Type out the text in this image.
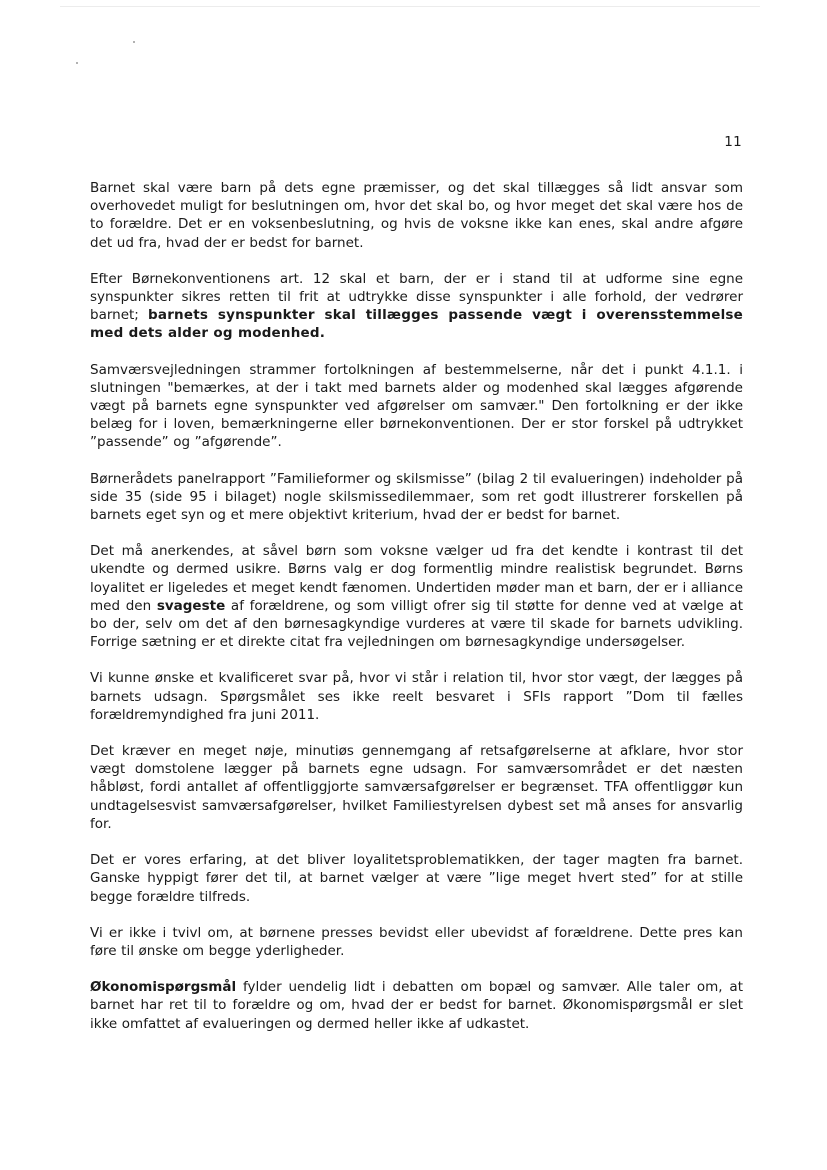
11

Barnet skal være barn på dets egne præmisser, og det skal tillægges så lidt ansvar som overhovedet muligt for beslutningen om, hvor det skal bo, og hvor meget det skal være hos de to forældre. Det er en voksenbeslutning, og hvis de voksne ikke kan enes, skal andre afgøre det ud fra, hvad der er bedst for barnet.

Efter Børnekonventionens art. 12 skal et barn, der er i stand til at udforme sine egne synspunkter sikres retten til frit at udtrykke disse synspunkter i alle forhold, der vedrører barnet; barnets synspunkter skal tillægges passende vægt i overensstemmelse med dets alder og modenhed.

Samværsvejledningen strammer fortolkningen af bestemmelserne, når det i punkt 4.1.1. i slutningen "bemærkes, at der i takt med barnets alder og modenhed skal lægges afgørende vægt på barnets egne synspunkter ved afgørelser om samvær." Den fortolkning er der ikke belæg for i loven, bemærkningerne eller børnekonventionen. Der er stor forskel på udtrykket ”passende” og ”afgørende”.

Børnerådets panelrapport ”Familieformer og skilsmisse” (bilag 2 til evalueringen) indeholder på side 35 (side 95 i bilaget) nogle skilsmissedilemmaer, som ret godt illustrerer forskellen på barnets eget syn og et mere objektivt kriterium, hvad der er bedst for barnet.

Det må anerkendes, at såvel børn som voksne vælger ud fra det kendte i kontrast til det ukendte og dermed usikre. Børns valg er dog formentlig mindre realistisk begrundet. Børns loyalitet er ligeledes et meget kendt fænomen. Undertiden møder man et barn, der er i alliance med den svageste af forældrene, og som villigt ofrer sig til støtte for denne ved at vælge at bo der, selv om det af den børnesagkyndige vurderes at være til skade for barnets udvikling. Forrige sætning er et direkte citat fra vejledningen om børnesagkyndige undersøgelser.

Vi kunne ønske et kvalificeret svar på, hvor vi står i relation til, hvor stor vægt, der lægges på barnets udsagn. Spørgsmålet ses ikke reelt besvaret i SFIs rapport ”Dom til fælles forældremyndighed fra juni 2011.

Det kræver en meget nøje, minutiøs gennemgang af retsafgørelserne at afklare, hvor stor vægt domstolene lægger på barnets egne udsagn. For samværsområdet er det næsten håbløst, fordi antallet af offentliggjorte samværsafgørelser er begrænset. TFA offentliggør kun undtagelsesvist samværsafgørelser, hvilket Familiestyrelsen dybest set må anses for ansvarlig for.

Det er vores erfaring, at det bliver loyalitetsproblematikken, der tager magten fra barnet. Ganske hyppigt fører det til, at barnet vælger at være ”lige meget hvert sted” for at stille begge forældre tilfreds.

Vi er ikke i tvivl om, at børnene presses bevidst eller ubevidst af forældrene. Dette pres kan føre til ønske om begge yderligheder.

Økonomispørgsmål fylder uendelig lidt i debatten om bopæl og samvær. Alle taler om, at barnet har ret til to forældre og om, hvad der er bedst for barnet. Økonomispørgsmål er slet ikke omfattet af evalueringen og dermed heller ikke af udkastet.
